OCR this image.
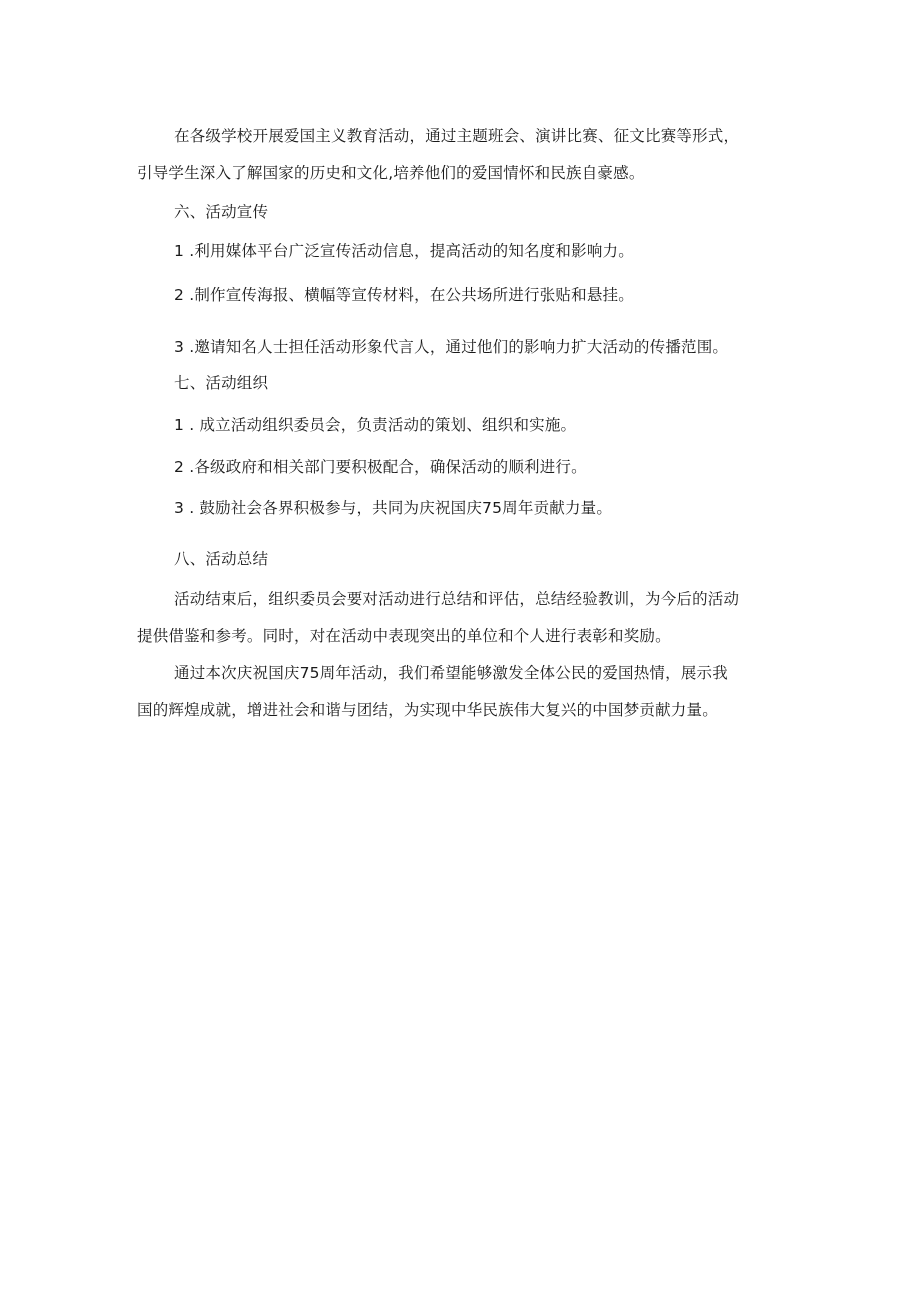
在各级学校开展爱国主义教育活动，通过主题班会、演讲比赛、征文比赛等形式，
引导学生深入了解国家的历史和文化,培养他们的爱国情怀和民族自豪感。
六、活动宣传
1 .利用媒体平台广泛宣传活动信息，提高活动的知名度和影响力。
2 .制作宣传海报、横幅等宣传材料，在公共场所进行张贴和悬挂。
3 .邀请知名人士担任活动形象代言人，通过他们的影响力扩大活动的传播范围。
七、活动组织
1 . 成立活动组织委员会，负责活动的策划、组织和实施。
2 .各级政府和相关部门要积极配合，确保活动的顺利进行。
3 . 鼓励社会各界积极参与，共同为庆祝国庆75周年贡献力量。
八、活动总结
活动结束后，组织委员会要对活动进行总结和评估，总结经验教训，为今后的活动
提供借鉴和参考。同时，对在活动中表现突出的单位和个人进行表彰和奖励。
通过本次庆祝国庆75周年活动，我们希望能够激发全体公民的爱国热情，展示我
国的辉煌成就，增进社会和谐与团结，为实现中华民族伟大复兴的中国梦贡献力量。
